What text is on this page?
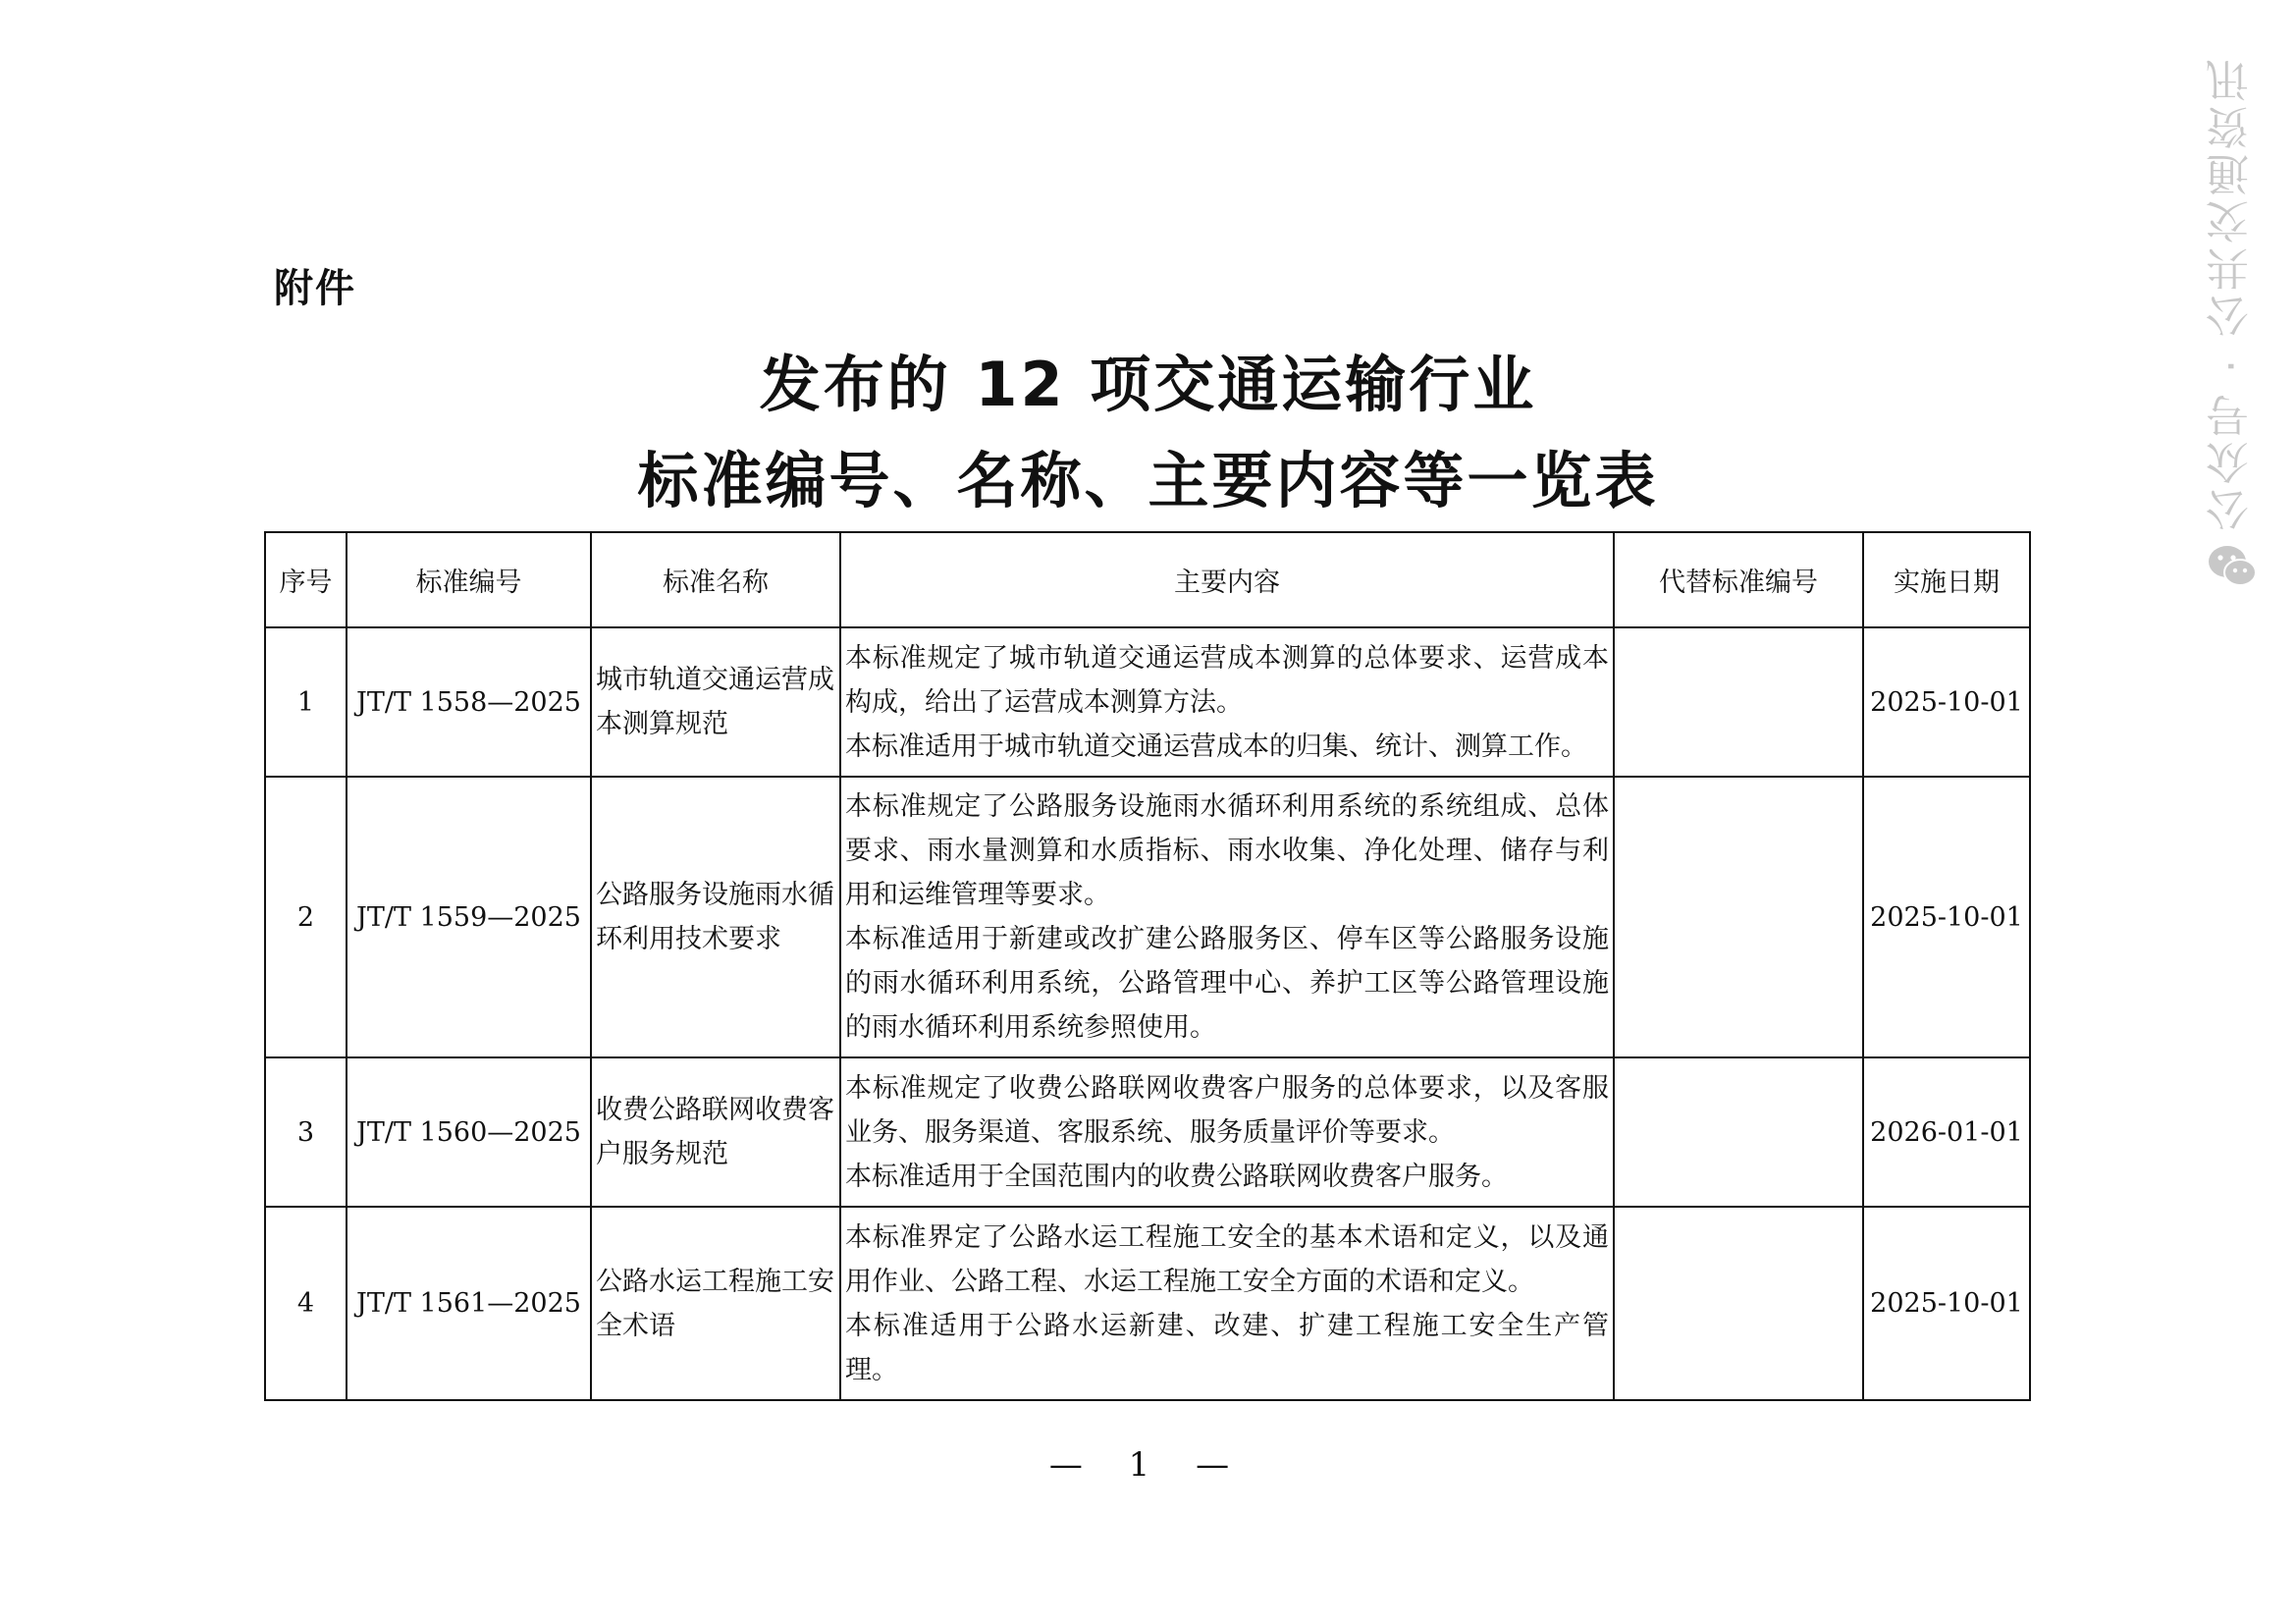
附件
发布的 12 项交通运输行业
标准编号、名称、主要内容等一览表
序号	标准编号	标准名称	主要内容	代替标准编号	实施日期
1	JT/T 1558—2025	城市轨道交通运营成本测算规范	本标准规定了城市轨道交通运营成本测算的总体要求、运营成本构成，给出了运营成本测算方法。
本标准适用于城市轨道交通运营成本的归集、统计、测算工作。		2025-10-01
2	JT/T 1559—2025	公路服务设施雨水循环利用技术要求	本标准规定了公路服务设施雨水循环利用系统的系统组成、总体要求、雨水量测算和水质指标、雨水收集、净化处理、储存与利用和运维管理等要求。
本标准适用于新建或改扩建公路服务区、停车区等公路服务设施的雨水循环利用系统，公路管理中心、养护工区等公路管理设施的雨水循环利用系统参照使用。		2025-10-01
3	JT/T 1560—2025	收费公路联网收费客户服务规范	本标准规定了收费公路联网收费客户服务的总体要求，以及客服业务、服务渠道、客服系统、服务质量评价等要求。
本标准适用于全国范围内的收费公路联网收费客户服务。		2026-01-01
4	JT/T 1561—2025	公路水运工程施工安全术语	本标准界定了公路水运工程施工安全的基本术语和定义，以及通用作业、公路工程、水运工程施工安全方面的术语和定义。
本标准适用于公路水运新建、改建、扩建工程施工安全生产管理。		2025-10-01
— 1 —
公众号 · 公共交通资讯
